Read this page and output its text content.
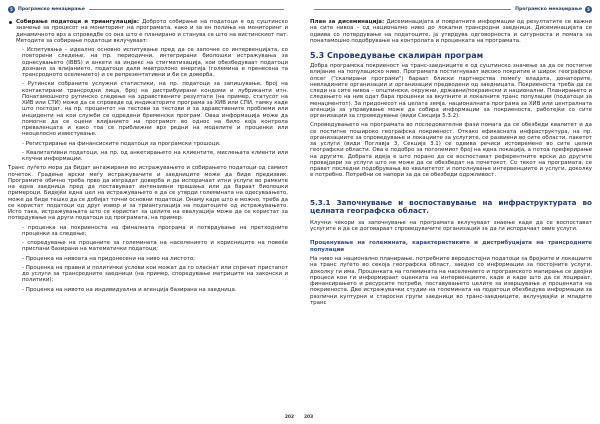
5	Програмско менаџирање

Собирање податоци и триангулација: Доброто собирање на податоци е од суштинско значење за процесот на мониторинг на програмата, како и за ен полиња на мониторинг и динамичното врз а спроведбе со она што е планирано и станува се што на вистинскиот пат. Методите за собирање податоци вклучуваат:

- Испитувања – идеално основно испитување пред да се започне со интервенцијата, со повторени следење, на пр. периодични, интегрирани биолошки истражувања за однесувањето (IBBS) и анкети за индекс на стигматизација, кои обезбедуваат податоци дознани за влијанието, податоци дали мавтролоно енергија (големина е пренесена та трансродното оселението) и се репрезентативни и би се доверба.

- Рутински собраните услужни статистики, на пр. податоци за запишување, број на контактирани трансродни лица, број на дистрибуирани кондоми и лубриканти итн. Понатамошното рутинско следење на здравствените резултати (на пример, статусот на ХИВ или СТИ) може да се спроведе од индикаторите програма за ХИВ или СПИ, тамку каде што постојат, на пр. процентот на тестови за тестови и за здравствените проблеми или инциденти на кои служби се одредени бременски програм. Оваа информација може да помогне да се оцени влијанието на програмот во однос на било која контрола преваленцата и како тоа се приближни врз редни на моделите и проценки или неоцелосно известување.

- Регистрирање на финансиските податоци за програмски трошоци.

- Квалитативни податоци, на пр. од анкетирањето на клиентите, мислењата клиенти или клучни информации.

Транс луѓето мора да бидат ангажирани во истражувањето и собирањето податоци од самиот почеток. Градење врски меѓу истражувачите и заедниците може да биде предизвик. Програмите обично треба прво да изградат доверба и да испорачаат итни услуги во рамките на една заедница пред да поставуваат интензивни прашања или да бараат биолошки примероци. Бидејќи една цел на истражувањето е да се утврди големината на одесуваањето, може да биде тешко да се добијат точни основни податоци. Онаму каде што е можно, треба да се користат податоци од друг извор и за триангулација на податоците од истражувањето. Исто така, истражувањата што се користат за целите на евалуација може да се користат за потврдување на други податоци од програмата, на пример:

- проценка на покриеноста на финалната програма и потврдување на претходните проценки за следење;

- споредување на процените за големината на населението и корисниците на повеќе приспани базирани на математички податоци;

- Проценка на нивоата на придонесени на ниво на листото;

- Проценка на правни и политички услови кои можат да го олеснат или спречат пристапот до услуги за трансродните заедници (на пример, споредување матриците на законски и политики);

- Проценка на нивото на индивидуална и агенција базирана на заедница.

202
Програмско менаџирање	5

План за дисеминација: Дисеминацијата и повратните информации од резултатите се важни на сите нивоа – од национално ниво до локални трансродни заедници. Дисеминацијата се одвива со потврдување на податоците, ја утврдува одговорноста и сигурноста и помага за понатамошно подобрување на контролата и проценката на програмата.

5.3 Спроведување скалиран програм

Добра програмска покриеност на транс-заедниците е од суштинско значење за да се постигне влијание на популациско ниво. Програмата постигнуваат високо покритие и широк географски опсег ("скалирани програми") бараат блиски партнерства помеѓу владата, донаторите, невладините организации и организации предводени од заедницата. Покриеноста треба да се следи на сите нивоа – општински, окружни, државни/покраински и национални. Планирањето и следењето на нив одат бара проценки за вкупните и локалните транс популации (податоци за менаџментот). За придонесот на целата земја, националната програма за ХИВ или централната агенција за управување може да собира информации за покриеноста, работејќи со сите организации за спроведување (види Секција 5.3.2).

Спроведувањето на програмата во последователни фази помага да се обезбеди квалитет и да се постигне пошироко географска покриеност. Откако ефикасната инфраструктура, на пр. организациите за спроведување и локациите за услугите, се развиени во сите области, пакетот за услуги (види Поглавја 3, Секција 3.1) се одвива речиси истовремено во сите целни географски области. Ова е подобро за поголемиот број на една локација, а потоа преферирање на другите. Добрата идеја е што порано да се воспостават референтните врски до другите провајдери за услуги што не може да се обезбедат на почетокот. Со текот на програмата, се прават последни подобрувања во квалитетот и пополнување интервенциите и услуги, доколку е потребно. Потребни се напори за да се обезбеди одржливост.

5.3.1 Започнување и воспоставување на инфраструктурата во целната географска област.

Клучни чекори за започнување на програмата вклучуваат знаење каде да се воспостават услугите и да се договараат спроведувачите организации за да ги испорачаат овие услуги.

Проценување на големината, карактеристиките и дистрибуцијата на трансродните популации

На ниво на национално планирање, потребните веродостојни податоци за бројките и локациите на транс луѓето во секоја географска област, заедно со информации за постојните услуги, доколку ги има. Проценката на големината на населението и програмското мапирање се двојни процеси кои ги информираат оценката на интервенциите, каде и каде што да се лоцираат, финансирањето и ресурсите потреби, поставувањето целите за извршување и проценката на покриеноста. Две истражувачки студии на големината на податоци обезбедува информации за различни културни и старосни групи заедници во транс-заедниците, вклучувајќи и младите транс

203
